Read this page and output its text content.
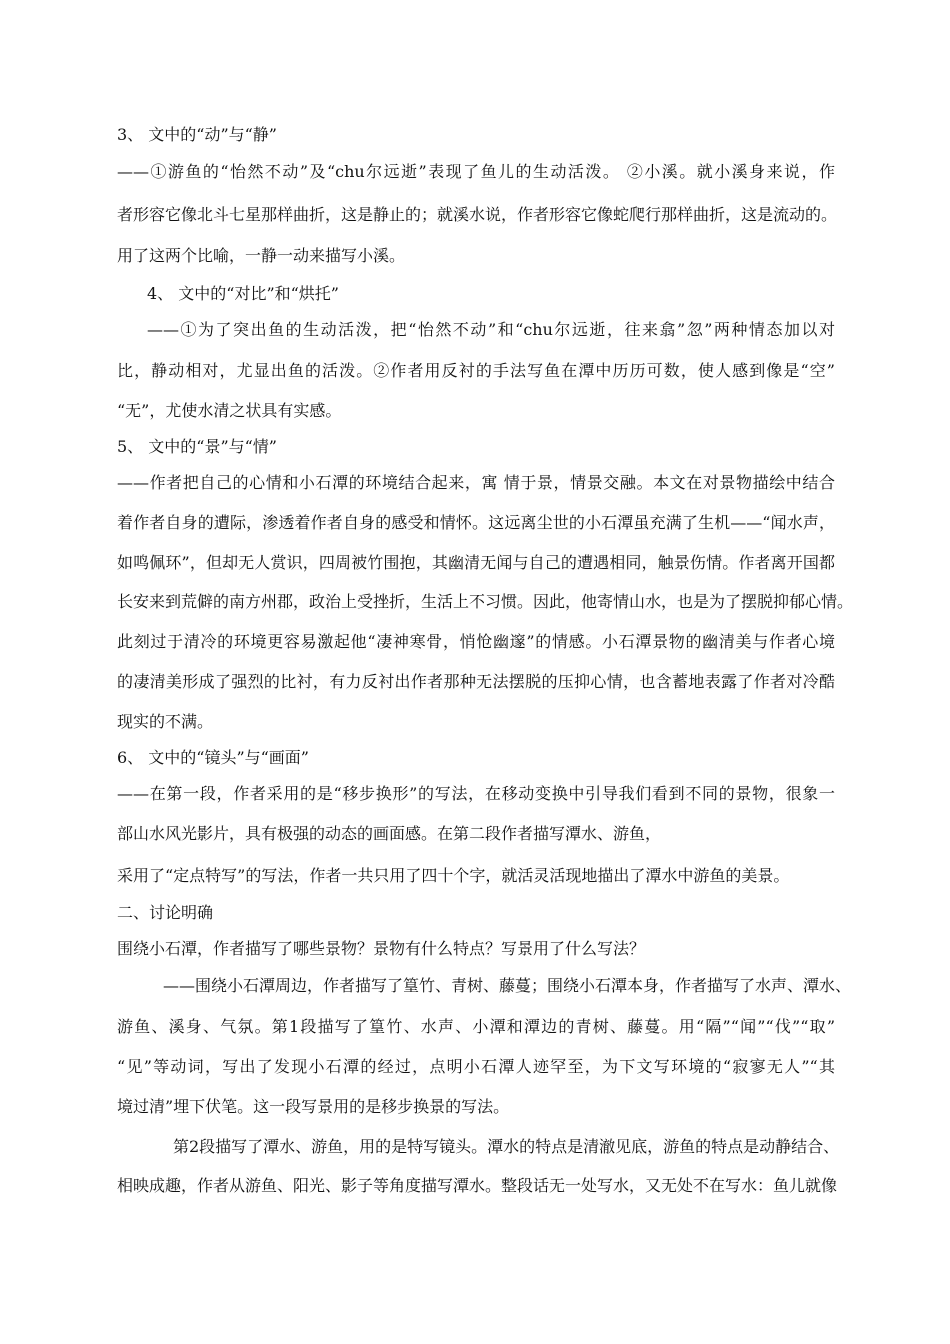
3、 文中的“动”与“静”
——①游鱼的“怡然不动”及“chu尔远逝”表现了鱼儿的生动活泼。 ②小溪。就小溪身来说，作
者形容它像北斗七星那样曲折，这是静止的；就溪水说，作者形容它像蛇爬行那样曲折，这是流动的。
用了这两个比喻，一静一动来描写小溪。
4、 文中的“对比”和“烘托”
——①为了突出鱼的生动活泼，把“怡然不动”和“chu尔远逝，往来翕”忽”两种情态加以对
比，静动相对，尤显出鱼的活泼。②作者用反衬的手法写鱼在潭中历历可数，使人感到像是“空”
“无”，尤使水清之状具有实感。
5、 文中的“景”与“情”
——作者把自己的心情和小石潭的环境结合起来，寓 情于景，情景交融。本文在对景物描绘中结合
着作者自身的遭际，渗透着作者自身的感受和情怀。这远离尘世的小石潭虽充满了生机——“闻水声，
如鸣佩环”，但却无人赏识，四周被竹围抱，其幽清无闻与自己的遭遇相同，触景伤情。作者离开国都
长安来到荒僻的南方州郡，政治上受挫折，生活上不习惯。因此，他寄情山水，也是为了摆脱抑郁心情。
此刻过于清冷的环境更容易激起他“凄神寒骨，悄怆幽邃”的情感。小石潭景物的幽清美与作者心境
的凄清美形成了强烈的比衬，有力反衬出作者那种无法摆脱的压抑心情，也含蓄地表露了作者对冷酷
现实的不满。
6、 文中的“镜头”与“画面”
——在第一段，作者采用的是“移步换形”的写法，在移动变换中引导我们看到不同的景物，很象一
部山水风光影片，具有极强的动态的画面感。在第二段作者描写潭水、游鱼，
采用了“定点特写”的写法，作者一共只用了四十个字，就活灵活现地描出了潭水中游鱼的美景。
二、讨论明确
围绕小石潭，作者描写了哪些景物？景物有什么特点？写景用了什么写法？
——围绕小石潭周边，作者描写了篁竹、青树、藤蔓；围绕小石潭本身，作者描写了水声、潭水、
游鱼、溪身、气氛。第1段描写了篁竹、水声、小潭和潭边的青树、藤蔓。用“隔”“闻”“伐”“取”
“见”等动词，写出了发现小石潭的经过，点明小石潭人迹罕至，为下文写环境的“寂寥无人”“其
境过清”埋下伏笔。这一段写景用的是移步换景的写法。
第2段描写了潭水、游鱼，用的是特写镜头。潭水的特点是清澈见底，游鱼的特点是动静结合、
相映成趣，作者从游鱼、阳光、影子等角度描写潭水。整段话无一处写水，又无处不在写水：鱼儿就像
